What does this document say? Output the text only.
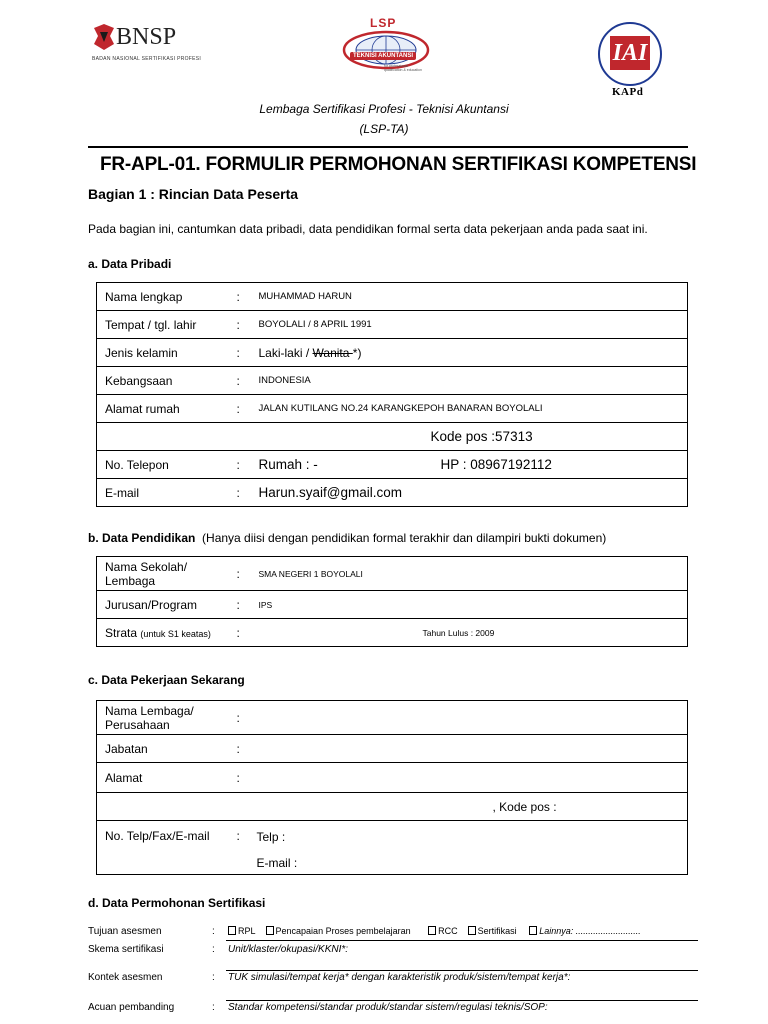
BNSP
BADAN NASIONAL SERTIFIKASI PROFESI
LSP
TEKNISI AKUNTANSI
for professional qualification & education
IAI
KAPd
Lembaga Sertifikasi Profesi - Teknisi Akuntansi
(LSP-TA)
FR-APL-01. FORMULIR PERMOHONAN SERTIFIKASI KOMPETENSI
Bagian 1 : Rincian Data Peserta
Pada bagian ini, cantumkan data pribadi, data pendidikan formal serta data pekerjaan anda pada saat ini.
a. Data Pribadi
Nama lengkap	:	MUHAMMAD HARUN
Tempat / tgl. lahir	:	BOYOLALI / 8 APRIL 1991
Jenis kelamin	:	Laki-laki / Wanita *)
Kebangsaan	:	INDONESIA
Alamat rumah	:	JALAN KUTILANG NO.24 KARANGKEPOH BANARAN BOYOLALI
		Kode pos :57313
No. Telepon	:	Rumah : - HP : 08967192112
E-mail	:	Harun.syaif@gmail.com
b. Data Pendidikan (Hanya diisi dengan pendidikan formal terakhir dan dilampiri bukti dokumen)
Nama Sekolah/ Lembaga	:	SMA NEGERI 1 BOYOLALI
Jurusan/Program	:	IPS
Strata (untuk S1 keatas)	:	Tahun Lulus : 2009
c. Data Pekerjaan Sekarang
Nama Lembaga/ Perusahaan	:	
Jabatan	:	
Alamat	:	
		, Kode pos :
No. Telp/Fax/E-mail	:	Telp :
E-mail :
d. Data Permohonan Sertifikasi
Tujuan asesmen	:	RPL Pencapaian Proses pembelajaran	RCC Sertifikasi	Lainnya: ..........................
Skema sertifikasi	: Unit/klaster/okupasi/KKNI*:
Kontek asesmen	: TUK simulasi/tempat kerja* dengan karakteristik produk/sistem/tempat kerja*:
Acuan pembanding	: Standar kompetensi/standar produk/standar sistem/regulasi teknis/SOP:
